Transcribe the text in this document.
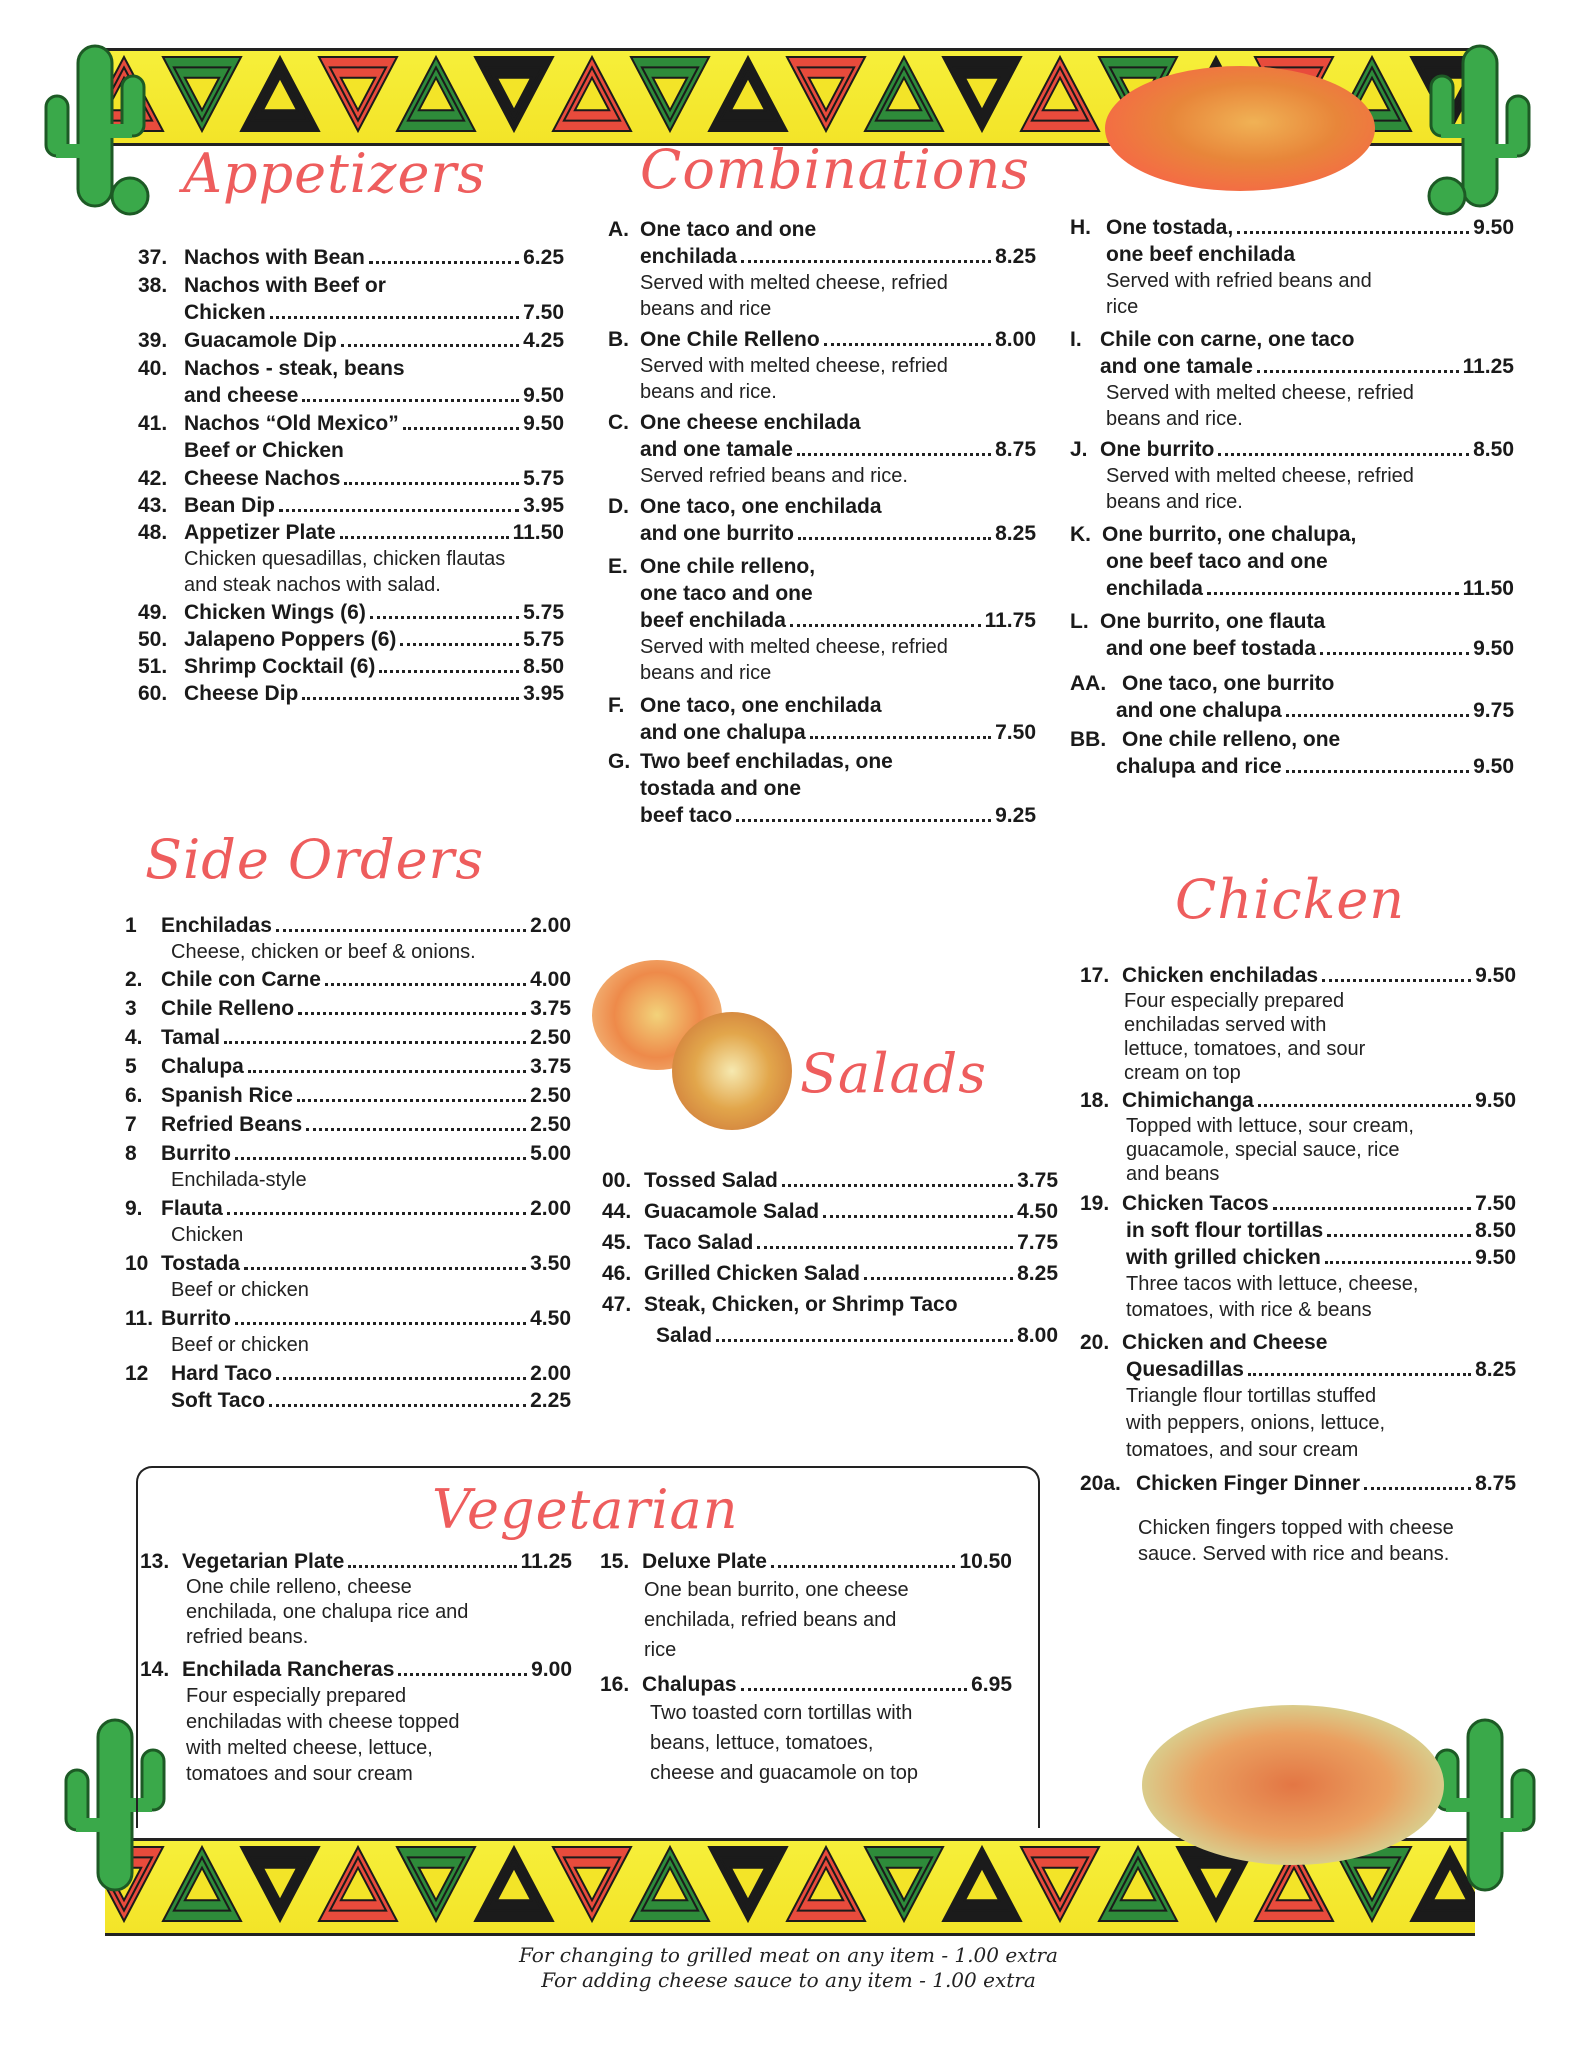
Appetizers	Combinations
Side Orders
Salads
Chicken
37. Nachos with Bean	6.25
38. Nachos with Beef or
Chicken	7.50
39. Guacamole Dip	4.25
40. Nachos - steak, beans
and cheese	9.50
41. Nachos “Old Mexico”	9.50
Beef or Chicken
42. Cheese Nachos	5.75
43. Bean Dip	3.95
48. Appetizer Plate	11.50
Chicken quesadillas, chicken flautas and steak nachos with salad.
49. Chicken Wings (6)	5.75
50. Jalapeno Poppers (6)	5.75
51. Shrimp Cocktail (6)	8.50
60. Cheese Dip	3.95
A. One taco and one
enchilada	8.25
Served with melted cheese, refried beans and rice
B. One Chile Relleno	8.00
Served with melted cheese, refried beans and rice.
C. One cheese enchilada
and one tamale	8.75
Served refried beans and rice.
D. One taco, one enchilada
and one burrito	8.25
E. One chile relleno,
one taco and one
beef enchilada	11.75
Served with melted cheese, refried beans and rice
F. One taco, one enchilada
and one chalupa	7.50
G. Two beef enchiladas, one
tostada and one
beef taco	9.25
H. One tostada,	9.50
one beef enchilada
Served with refried beans and rice
I. Chile con carne, one taco
and one tamale	11.25
Served with melted cheese, refried beans and rice.
J. One burrito	8.50
Served with melted cheese, refried beans and rice.
K. One burrito, one chalupa,
one beef taco and one
enchilada	11.50
L. One burrito, one flauta
and one beef tostada	9.50
AA. One taco, one burrito
and one chalupa	9.75
BB. One chile relleno, one
chalupa and rice	9.50
1	Enchiladas	2.00
Cheese, chicken or beef & onions.
2. Chile con Carne	4.00
3	Chile Relleno	3.75
4. Tamal	2.50
5	Chalupa	3.75
6. Spanish Rice	2.50
7	Refried Beans	2.50
8	Burrito	5.00
Enchilada-style
9. Flauta	2.00
Chicken
10 Tostada	3.50
Beef or chicken
11. Burrito	4.50
Beef or chicken
12	Hard Taco	2.00
Soft Taco	2.25
00. Tossed Salad	3.75
44. Guacamole Salad	4.50
45. Taco Salad	7.75
46. Grilled Chicken Salad	8.25
47. Steak, Chicken, or Shrimp Taco
Salad	8.00
17. Chicken enchiladas	9.50
Four especially prepared enchiladas served with lettuce, tomatoes, and sour cream on top
18. Chimichanga	9.50
Topped with lettuce, sour cream, guacamole, special sauce, rice and beans
19. Chicken Tacos	7.50
in soft flour tortillas	8.50
with grilled chicken	9.50
Three tacos with lettuce, cheese, tomatoes, with rice & beans
20. Chicken and Cheese
Quesadillas	8.25
Triangle flour tortillas stuffed with peppers, onions, lettuce, tomatoes, and sour cream
20a. Chicken Finger Dinner	8.75
Chicken fingers topped with cheese sauce. Served with rice and beans.
Vegetarian
13. Vegetarian Plate	11.25
One chile relleno, cheese enchilada, one chalupa rice and refried beans.
14. Enchilada Rancheras	9.00
Four especially prepared enchiladas with cheese topped with melted cheese, lettuce, tomatoes and sour cream
15. Deluxe Plate	10.50
One bean burrito, one cheese enchilada, refried beans and rice
16. Chalupas	6.95
Two toasted corn tortillas with beans, lettuce, tomatoes, cheese and guacamole on top
For changing to grilled meat on any item - 1.00 extra
For adding cheese sauce to any item - 1.00 extra
